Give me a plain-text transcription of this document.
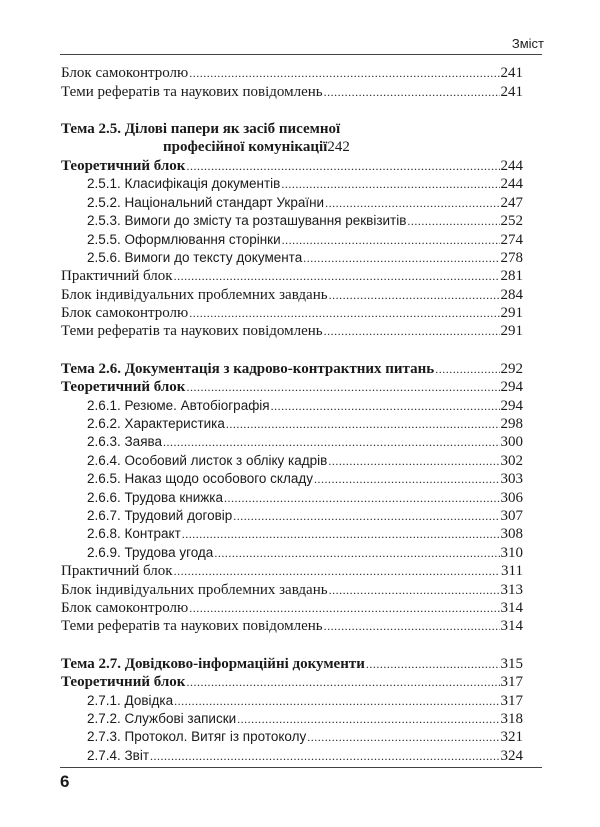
Зміст
Блок самоконтролю .....	241
Теми рефератів та наукових повідомлень .....	241
Тема 2.5. Ділові папери як засіб писемної
професійної комунікації 242
Теоретичний блок .....	244
2.5.1. Класифікація документів .....	244
2.5.2. Національний стандарт України .....	247
2.5.3. Вимоги до змісту та розташування реквізитів .....	252
2.5.5. Оформлювання сторінки .....	274
2.5.6. Вимоги до тексту документа .....	278
Практичний блок .....	281
Блок індивідуальних проблемних завдань .....	284
Блок самоконтролю .....	291
Теми рефератів та наукових повідомлень .....	291
Тема 2.6. Документація з кадрово-контрактних питань .....	292
Теоретичний блок .....	294
2.6.1. Резюме. Автобіографія .....	294
2.6.2. Характеристика .....	298
2.6.3. Заява .....	300
2.6.4. Особовий листок з обліку кадрів .....	302
2.6.5. Наказ щодо особового складу .....	303
2.6.6. Трудова книжка .....	306
2.6.7. Трудовий договір .....	307
2.6.8. Контракт .....	308
2.6.9. Трудова угода .....	310
Практичний блок .....	311
Блок індивідуальних проблемних завдань .....	313
Блок самоконтролю .....	314
Теми рефератів та наукових повідомлень .....	314
Тема 2.7. Довідково-інформаційні документи .....	315
Теоретичний блок .....	317
2.7.1. Довідка .....	317
2.7.2. Службові записки .....	318
2.7.3. Протокол. Витяг із протоколу .....	321
2.7.4. Звіт .....	324
6
